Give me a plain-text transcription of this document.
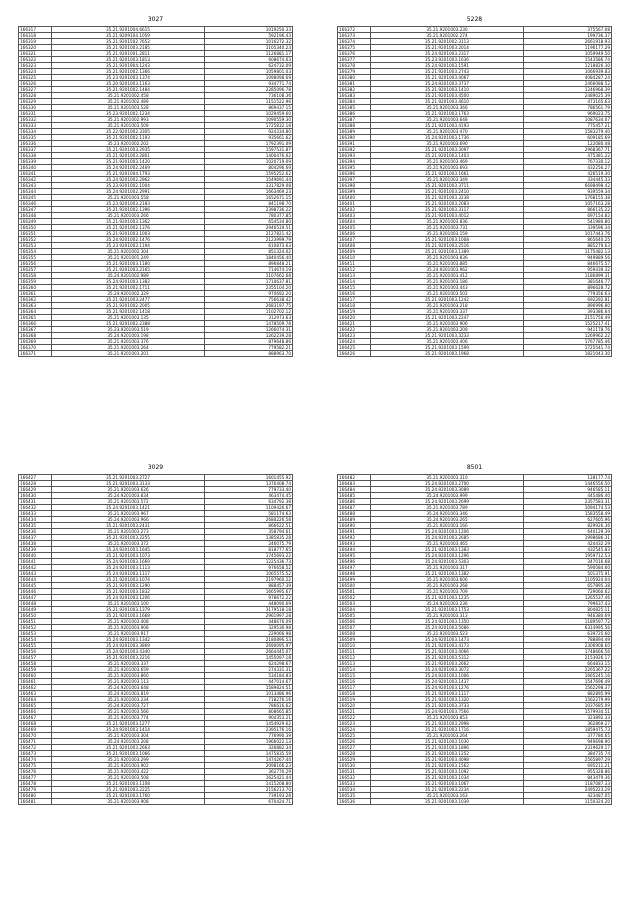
3027
166317	35.21.9201004.6615	1019250.33
166318	35.21.9209104.1059	592196.43
166319	35.21.9201502.7652	1016272.32
166320	35.21.9201003.2185	1105340.23
166321	35.21.9201001.2811	1126881.17
166322	35.21.9201003.1813	608674.63
166323	35.21.9201904.1243	624732.09
166324	35.21.9201002.1366	1059801.03
166325	35.23.9201003.1374	1098098.69
166326	35.20.9201003.1163	934771.74
166327	35.21.9201002.1484	2285096.78
166328	35.21.9201002.458	736108.36
166329	35.21.9201002.489	1151522.96
166330	35.21.9201003.528	869437.15
166331	35.23.9201002.1234	1029459.60
166332	35.21.9201002.993	1090559.30
166333	35.21.9201003.509	1725832.18
166334	35.22.9201002.3305	924334.80
166335	35.21.9201002.1193	935661.62
166336	35.23.9201002.202	1792391.09
166337	35.21.9201003.2935	1597531.87
166338	35.21.9201003.2801	1400476.62
166339	35.21.9201003.1420	1020719.09
166340	35.24.9201002.2469	804296.69
166341	35.21.9201004.1793	1595252.62
166342	35.24.9201002.2962	1549691.44
166343	35.23.9201002.1004	1317829.08
166344	35.24.9201002.2991	1663469.23
166345	35.21.9201003.558	1652671.15
166346	35.23.9201003.2183	841198.70
166347	35.21.9201002.1396	2398736.22
166348	35.21.9201003.266	780377.85
166349	35.21.9201003.1362	654534.80
166350	35.21.9201002.1376	2946519.51
166351	35.21.9201003.1003	2127821.42
166352	35.24.9201002.1476	2123999.79
166353	35.23.9201003.1194	610873.63
166354	35.21.9201002.304	851324.02
166355	35.21.9201001.249	1840456.40
166356	35.21.9201003.1180	896848.21
166357	35.21.9201003.2165	714674.19
166358	35.24.9201002.989	1107662.68
166359	35.24.9201003.1382	1710637.81
166360	35.21.9201002.1711	2355104.20
166361	35.24.9201002.329	970692.20
166362	35.21.9201003.2477	756638.42
166363	35.21.9201002.2005	2683197.75
166364	35.21.9201002.1418	1102702.12
166365	35.21.9201003.135	312973.63
166366	35.21.9201002.2388	1478509.78
166367	35.23.9201003.519	1266074.31
166368	35.24.9201003.198	1262239.28
166369	35.21.9201003.376	879648.86
166370	35.21.9201003.264	779582.21
166371	35.21.9201003.201	888963.70
5228
166372	35.21.9201003.230	375567.08
166373	35.21.9201002.274	199736.37
166374	35.21.9201002.3113	2661918.93
166375	35.21.9201003.2014	1196177.29
166376	35.24.9201003.2317	1059949.50
166377	35.23.9201003.1636	1543586.74
166378	35.24.9201003.1591	1218826.30
166379	35.21.9201003.2743	1066939.83
166380	35.21.9201003.4067	4084287.24
166381	35.24.9201003.3737	2466088.52
166382	35.21.9201003.1410	1246968.39
166383	35.21.9201003.4500	2489025.39
166384	35.21.9201003.4610	473165.63
166385	35.21.9201003.366	786561.79
166386	35.21.9201003.1763	969023.75
166387	35.21.9201003.648	1087634.07
166388	35.21.9201003.4193	775457.21
166389	35.21.9201003.470	1583279.40
166390	35.24.9201003.1736	609185.69
166391	35.21.9201003.690	122080.48
166392	35.21.9201003.3097	2968367.71
166393	35.21.9201003.1403	475381.22
166394	35.21.9201003.469	767330.12
166395	35.21.9201003.693	432256.27
166396	35.21.9201003.1661	426519.30
166397	35.21.9201003.349	334445.33
166398	35.21.9201003.3711	6698498.42
166399	35.21.9201003.2410	939559.34
166400	35.21.9201003.3238	1768155.38
166401	35.21.9201003.2083	1057163.28
166402	35.21.9201003.3117	866135.22
166403	35.21.9201003.4012	697154.82
166404	35.21.9201003.836	541980.80
166405	35.21.9201003.731	339596.34
166406	35.21.9201003.159	1017443.76
166407	35.21.9201003.1008	865640.25
166408	35.21.9201003.2516	885279.63
166409	35.21.9201003.1389	1175482.13
166410	35.21.9201003.836	949889.56
166411	35.21.9201003.885	846675.57
166412	35.24.9201003.962	959439.32
166413	35.21.9201003.412	1186899.31
166414	35.21.9201003.186	381646.77
166415	35.21.9201003.443	896628.72
166416	35.21.9201003.502	779356.63
166417	35.21.9201003.1242	692292.81
166418	35.21.9201003.218	896996.80
166419	35.21.9201003.337	393386.64
166420	35.21.9201003.2247	2151756.49
166421	35.21.9201003.906	1525217.41
166422	35.21.9201003.209	941178.76
166423	35.21.9201003.3233	1269962.22
166424	35.21.9201003.406	1767785.46
166425	35.21.9201003.1599	1725541.74
166426	35.21.9201003.1968	1821043.30
3029
166427	35.21.9201003.2727	1601455.92
166428	35.21.9201003.3133	1376408.74
166429	35.21.9201003.626	779733.40
166430	35.24.9201003.834	463474.45
166431	35.21.9201003.572	634792.38
166432	35.24.9201003.1421	1109426.67
166433	35.21.9201003.967	581174.63
166434	35.24.9201003.966	2680226.58
166435	35.21.9201003.2431	866622.51
166436	35.21.9201003.273	358794.61
166437	35.21.9201003.2255	1385835.28
166438	35.21.9201003.372	246075.79
166439	35.24.9201003.1645	818777.65
166440	35.21.9201003.1073	1745693.22
166441	35.24.9201003.1669	1225436.73
166442	35.24.9201003.1113	976658.52
166443	35.24.9201003.1117	1065575.52
166444	35.21.9201003.1074	2197960.22
166445	35.21.9201003.1290	888457.39
166446	35.21.9201003.1832	1665995.67
166447	35.24.9201003.1206	978672.22
166448	35.21.9201003.100	448090.69
166449	35.21.9201003.1379	3179518.18
166450	35.21.9201003.1668	2961997.28
166451	35.21.9201003.408	448676.09
166452	35.21.9201003.908	329536.98
166453	35.21.9201003.917	229066.98
166454	35.24.9201003.1342	2180896.53
166455	35.24.9201003.3869	2690095.97
166456	35.24.9201003.4340	2664445.07
166457	35.21.9201003.2216	1455097.18
166458	35.21.9201003.337	624298.67
166459	35.21.9201003.659	274331.31
166460	35.21.9201003.860	534184.83
166461	35.21.9201003.113	447014.67
166462	35.24.9201003.648	1589824.51
166463	35.24.9201003.819	1013486.96
166464	35.21.9201003.234	718276.16
166465	35.24.9201003.727	786616.62
166466	35.21.9201003.566	808665.85
166467	35.21.9201003.774	904353.21
166468	35.21.9201003.1277	1454929.62
166469	35.24.9201003.1414	2395176.16
166470	35.21.9201003.304	776990.39
166471	35.24.9201003.208	1966022.13
166472	35.21.9201003.2663	326882.34
166473	35.21.9201003.1066	1475835.59
166474	35.21.9201003.299	1474267.44
166475	35.21.9201003.902	2098166.23
166476	35.21.9201003.422	362770.29
166477	35.21.9201003.508	1625421.44
166478	35.21.9201003.1108	1415208.80
166479	35.21.9201003.2225	2156213.70
166480	35.21.9201003.1760	739193.28
166481	35.21.9201003.908	670424.71
8501
166482	35.21.9201003.310	128177.74
166483	35.24.9201003.2700	1446556.50
166484	35.24.9201003.3089	946585.11
166485	35.24.9201003.999	445486.40
166486	35.24.9201003.2699	2357583.31
166487	35.21.9201003.789	1094174.53
166488	35.24.9201003.346	1583558.49
166489	35.24.9201003.265	627605.96
166490	35.21.9201003.166	829926.36
166491	35.24.9201003.1206	640129.39
166492	35.24.9201003.2685	1998686.31
166493	35.21.9201003.465	424432.29
166494	35.21.9201003.1383	432545.83
166495	35.24.9201003.1296	1959712.53
166496	35.24.9201003.5303	347016.68
166497	35.21.9201003.317	590084.60
166498	35.21.9201003.1382	501375.91
166499	35.21.9201003.606	1105924.04
166500	35.21.9201003.268	657895.38
166501	35.21.9201003.709	729060.62
166502	35.21.9201003.1235	1265537.46
166503	35.24.9201003.236	799637.43
166504	35.21.9201003.1753	804825.11
166505	35.21.9201003.313	946380.69
166506	35.24.9201003.1350	1189597.72
166507	35.24.9201003.5086	6314995.56
166508	35.21.9201003.523	639725.60
166509	35.24.9201003.1473	788894.49
166510	35.21.9201003.4173	2306908.60
166511	35.21.9201003.4066	1748666.56
166512	35.21.9201003.5312	2153926.17
166513	35.21.9201003.2662	664833.15
166514	35.24.9201003.3072	2265367.22
166515	35.24.9201003.1006	1665245.16
166516	35.24.9201003.1437	1547696.49
166517	35.24.9201003.1276	1562298.37
166518	35.21.9201003.1117	882895.99
166519	35.21.9201003.1320	1562279.99
166520	35.21.9201003.3733	1037685.09
166521	35.24.9201003.7566	1579934.51
166522	35.21.9201003.853	323892.33
166523	35.21.9201003.2998	362869.27
166524	35.21.9201003.1716	1859475.73
166525	35.21.9201003.264	377780.65
166526	35.21.9201003.1030	949698.90
166527	35.21.9201003.1896	2319629.17
166528	35.21.9201003.1252	384735.74
166529	35.21.9201003.4098	2565897.29
166530	35.21.9201003.1562	695211.21
166531	35.21.9201003.1092	955328.86
166532	35.21.9201003.1034	843479.36
166533	35.21.9201003.1067	1187087.33
166534	35.21.9201003.2234	2495223.29
166535	35.21.9201003.163	423487.05
166536	35.21.9201003.1039	1150324.20
